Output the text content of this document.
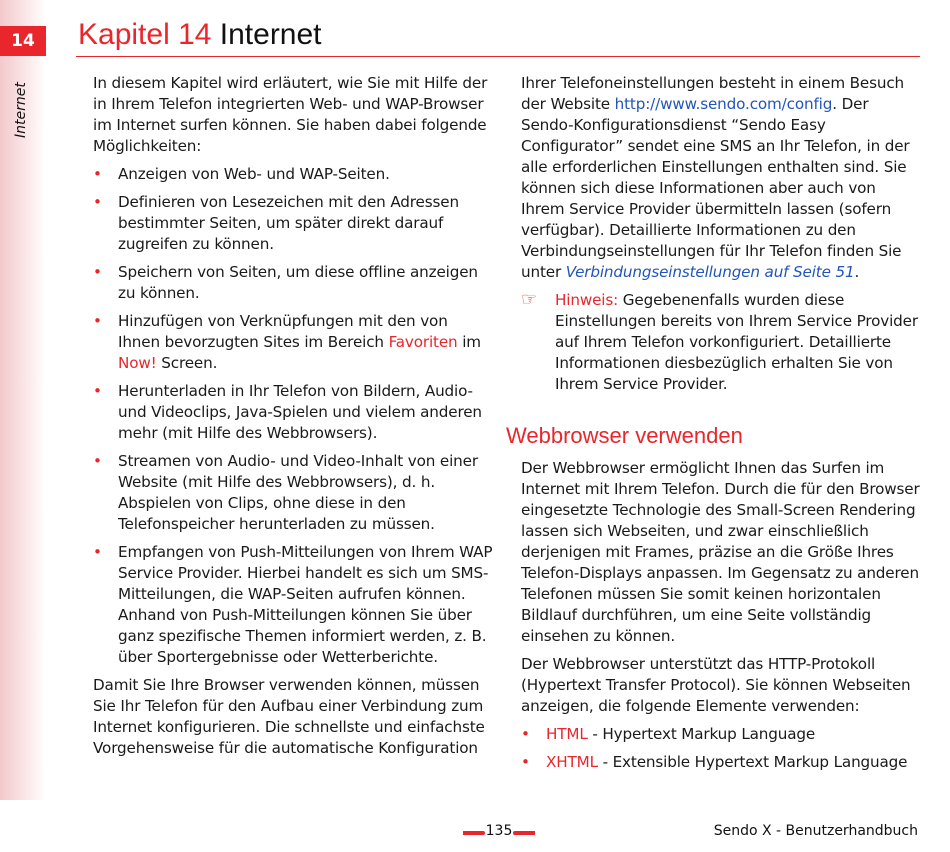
14
Internet
Kapitel 14 Internet

In diesem Kapitel wird erläutert, wie Sie mit Hilfe der in Ihrem Telefon integrierten Web- und WAP-Browser im Internet surfen können. Sie haben dabei folgende Möglichkeiten:

• Anzeigen von Web- und WAP-Seiten.
• Definieren von Lesezeichen mit den Adressen bestimmter Seiten, um später direkt darauf zugreifen zu können.
• Speichern von Seiten, um diese offline anzeigen zu können.
• Hinzufügen von Verknüpfungen mit den von Ihnen bevorzugten Sites im Bereich Favoriten im Now! Screen.
• Herunterladen in Ihr Telefon von Bildern, Audio- und Videoclips, Java-Spielen und vielem anderen mehr (mit Hilfe des Webbrowsers).
• Streamen von Audio- und Video-Inhalt von einer Website (mit Hilfe des Webbrowsers), d. h. Abspielen von Clips, ohne diese in den Telefonspeicher herunterladen zu müssen.
• Empfangen von Push-Mitteilungen von Ihrem WAP Service Provider. Hierbei handelt es sich um SMS-Mitteilungen, die WAP-Seiten aufrufen können. Anhand von Push-Mitteilungen können Sie über ganz spezifische Themen informiert werden, z. B. über Sportergebnisse oder Wetterberichte.

Damit Sie Ihre Browser verwenden können, müssen Sie Ihr Telefon für den Aufbau einer Verbindung zum Internet konfigurieren. Die schnellste und einfachste Vorgehensweise für die automatische Konfiguration

Ihrer Telefoneinstellungen besteht in einem Besuch der Website http://www.sendo.com/config. Der Sendo-Konfigurationsdienst “Sendo Easy Configurator” sendet eine SMS an Ihr Telefon, in der alle erforderlichen Einstellungen enthalten sind. Sie können sich diese Informationen aber auch von Ihrem Service Provider übermitteln lassen (sofern verfügbar). Detaillierte Informationen zu den Verbindungseinstellungen für Ihr Telefon finden Sie unter Verbindungseinstellungen auf Seite 51.

☞ Hinweis: Gegebenenfalls wurden diese Einstellungen bereits von Ihrem Service Provider auf Ihrem Telefon vorkonfiguriert. Detaillierte Informationen diesbezüglich erhalten Sie von Ihrem Service Provider.

Webbrowser verwenden

Der Webbrowser ermöglicht Ihnen das Surfen im Internet mit Ihrem Telefon. Durch die für den Browser eingesetzte Technologie des Small-Screen Rendering lassen sich Webseiten, und zwar einschließlich derjenigen mit Frames, präzise an die Größe Ihres Telefon-Displays anpassen. Im Gegensatz zu anderen Telefonen müssen Sie somit keinen horizontalen Bildlauf durchführen, um eine Seite vollständig einsehen zu können.

Der Webbrowser unterstützt das HTTP-Protokoll (Hypertext Transfer Protocol). Sie können Webseiten anzeigen, die folgende Elemente verwenden:

• HTML - Hypertext Markup Language
• XHTML - Extensible Hypertext Markup Language
135	Sendo X - Benutzerhandbuch
